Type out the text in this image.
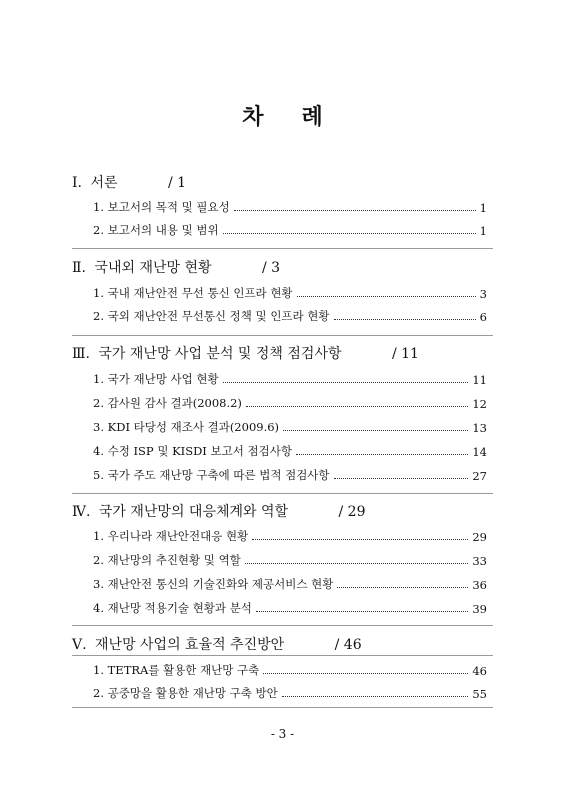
차 례
Ⅰ. 서론	/ 1
1. 보고서의 목적 및 필요성	1
2. 보고서의 내용 및 범위	1
Ⅱ. 국내외 재난망 현황	/ 3
1. 국내 재난안전 무선 통신 인프라 현황	3
2. 국외 재난안전 무선통신 정책 및 인프라 현황	6
Ⅲ. 국가 재난망 사업 분석 및 정책 점검사항	/ 11
1. 국가 재난망 사업 현황	11
2. 감사원 감사 결과(2008.2)	12
3. KDI 타당성 재조사 결과(2009.6)	13
4. 수정 ISP 및 KISDI 보고서 점검사항	14
5. 국가 주도 재난망 구축에 따른 법적 점검사항	27
Ⅳ. 국가 재난망의 대응체계와 역할	/ 29
1. 우리나라 재난안전대응 현황	29
2. 재난망의 추진현황 및 역할	33
3. 재난안전 통신의 기술진화와 제공서비스 현황	36
4. 재난망 적용기술 현황과 분석	39
Ⅴ. 재난망 사업의 효율적 추진방안	/ 46
1. TETRA를 활용한 재난망 구축	46
2. 공중망을 활용한 재난망 구축 방안	55
- 3 -
